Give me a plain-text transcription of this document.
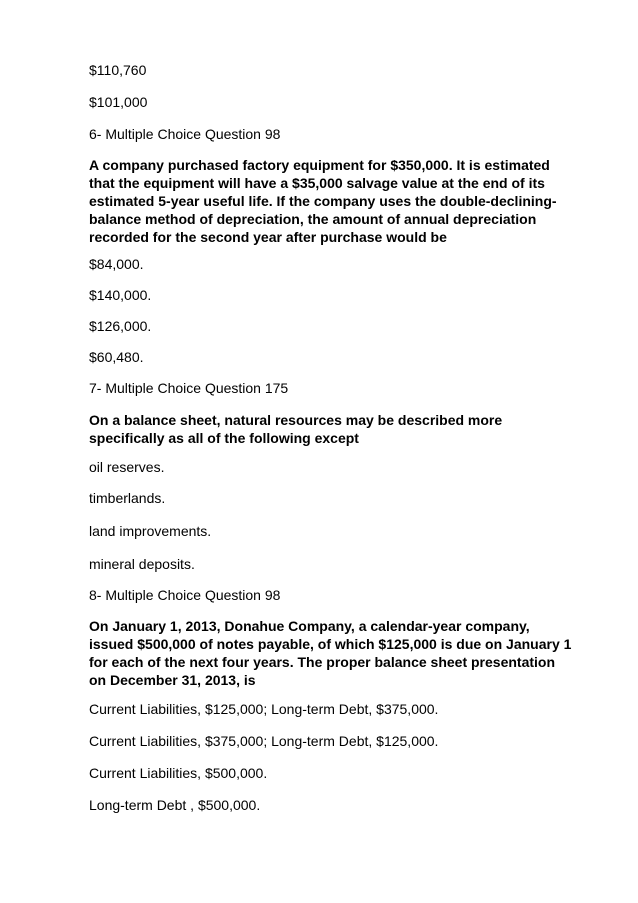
$110,760
$101,000
6- Multiple Choice Question 98
A company purchased factory equipment for $350,000. It is estimated
that the equipment will have a $35,000 salvage value at the end of its
estimated 5-year useful life. If the company uses the double-declining-
balance method of depreciation, the amount of annual depreciation
recorded for the second year after purchase would be
$84,000.
$140,000.
$126,000.
$60,480.
7- Multiple Choice Question 175
On a balance sheet, natural resources may be described more
specifically as all of the following except
oil reserves.
timberlands.
land improvements.
mineral deposits.
8- Multiple Choice Question 98
On January 1, 2013, Donahue Company, a calendar-year company,
issued $500,000 of notes payable, of which $125,000 is due on January 1
for each of the next four years. The proper balance sheet presentation
on December 31, 2013, is
Current Liabilities, $125,000; Long-term Debt, $375,000.
Current Liabilities, $375,000; Long-term Debt, $125,000.
Current Liabilities, $500,000.
Long-term Debt , $500,000.
